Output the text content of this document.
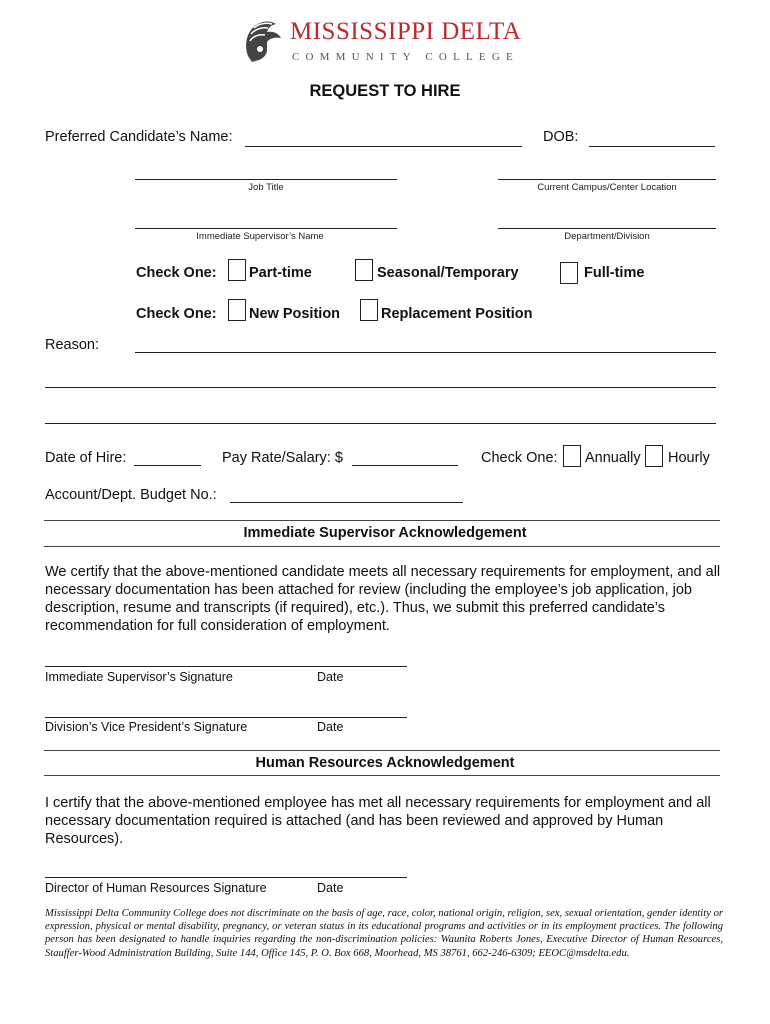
MISSISSIPPI DELTA
COMMUNITY COLLEGE
REQUEST TO HIRE
Preferred Candidate’s Name:	DOB:
Job Title	Current Campus/Center Location
Immediate Supervisor’s Name	Department/Division
Check One: Part-time	Seasonal/Temporary	Full-time
Check One: New Position	Replacement Position
Reason:
Date of Hire:	Pay Rate/Salary: $	Check One: Annually Hourly
Account/Dept. Budget No.:
Immediate Supervisor Acknowledgement
We certify that the above-mentioned candidate meets all necessary requirements for employment, and all necessary documentation has been attached for review (including the employee’s job application, job description, resume and transcripts (if required), etc.). Thus, we submit this preferred candidate’s recommendation for full consideration of employment.
Immediate Supervisor’s Signature	Date
Division’s Vice President’s Signature	Date
Human Resources Acknowledgement
I certify that the above-mentioned employee has met all necessary requirements for employment and all necessary documentation required is attached (and has been reviewed and approved by Human Resources).
Director of Human Resources Signature	Date
Mississippi Delta Community College does not discriminate on the basis of age, race, color, national origin, religion, sex, sexual orientation, gender identity or expression, physical or mental disability, pregnancy, or veteran status in its educational programs and activities or in its employment practices. The following person has been designated to handle inquiries regarding the non-discrimination policies: Waunita Roberts Jones, Executive Director of Human Resources, Stauffer-Wood Administration Building, Suite 144, Office 145, P. O. Box 668, Moorhead, MS 38761, 662-246-6309; EEOC@msdelta.edu.
